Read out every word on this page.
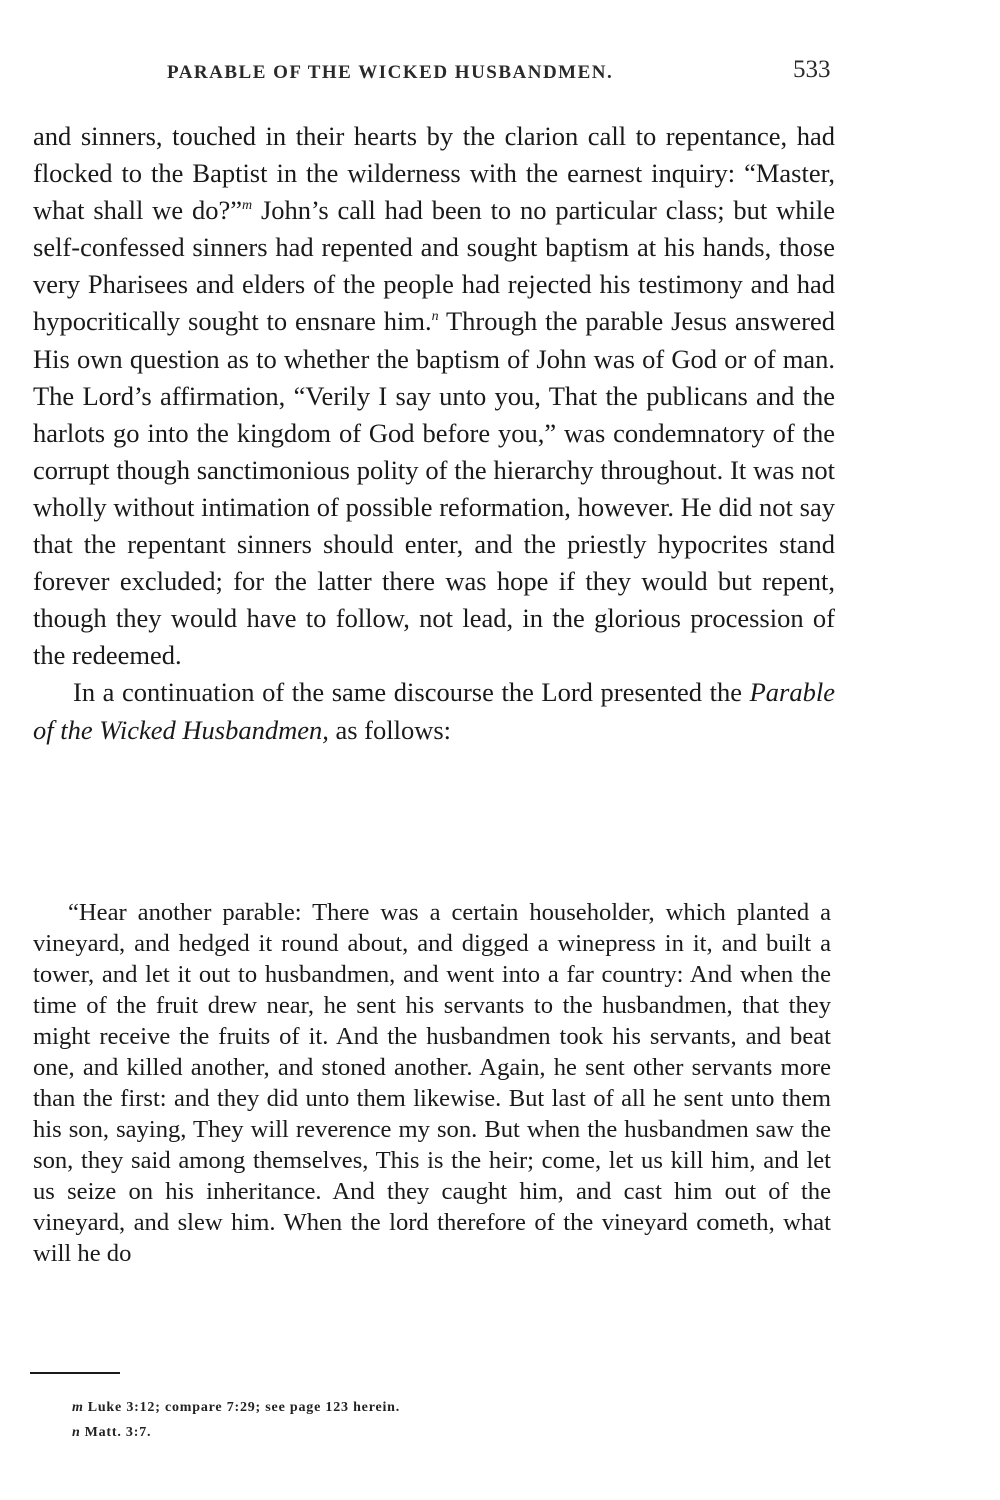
PARABLE OF THE WICKED HUSBANDMEN.	533

and sinners, touched in their hearts by the clarion call to repentance, had flocked to the Baptist in the wilderness with the earnest inquiry: “Master, what shall we do?”$^m$ John’s call had been to no particular class; but while self-confessed sinners had repented and sought baptism at his hands, those very Pharisees and elders of the people had rejected his testimony and had hypocritically sought to ensnare him.$^n$ Through the parable Jesus answered His own question as to whether the baptism of John was of God or of man. The Lord’s affirmation, “Verily I say unto you, That the publicans and the harlots go into the kingdom of God before you,” was condemnatory of the corrupt though sanctimonious polity of the hierarchy throughout. It was not wholly without intimation of possible reformation, however. He did not say that the repentant sinners should enter, and the priestly hypocrites stand forever excluded; for the latter there was hope if they would but repent, though they would have to follow, not lead, in the glorious procession of the redeemed.

In a continuation of the same discourse the Lord presented the Parable of the Wicked Husbandmen, as follows:

“Hear another parable: There was a certain householder, which planted a vineyard, and hedged it round about, and digged a winepress in it, and built a tower, and let it out to husbandmen, and went into a far country: And when the time of the fruit drew near, he sent his servants to the husbandmen, that they might receive the fruits of it. And the husbandmen took his servants, and beat one, and killed another, and stoned another. Again, he sent other servants more than the first: and they did unto them likewise. But last of all he sent unto them his son, saying, They will reverence my son. But when the husbandmen saw the son, they said among themselves, This is the heir; come, let us kill him, and let us seize on his inheritance. And they caught him, and cast him out of the vineyard, and slew him. When the lord therefore of the vineyard cometh, what will he do

m Luke 3:12; compare 7:29; see page 123 herein.
n Matt. 3:7.
